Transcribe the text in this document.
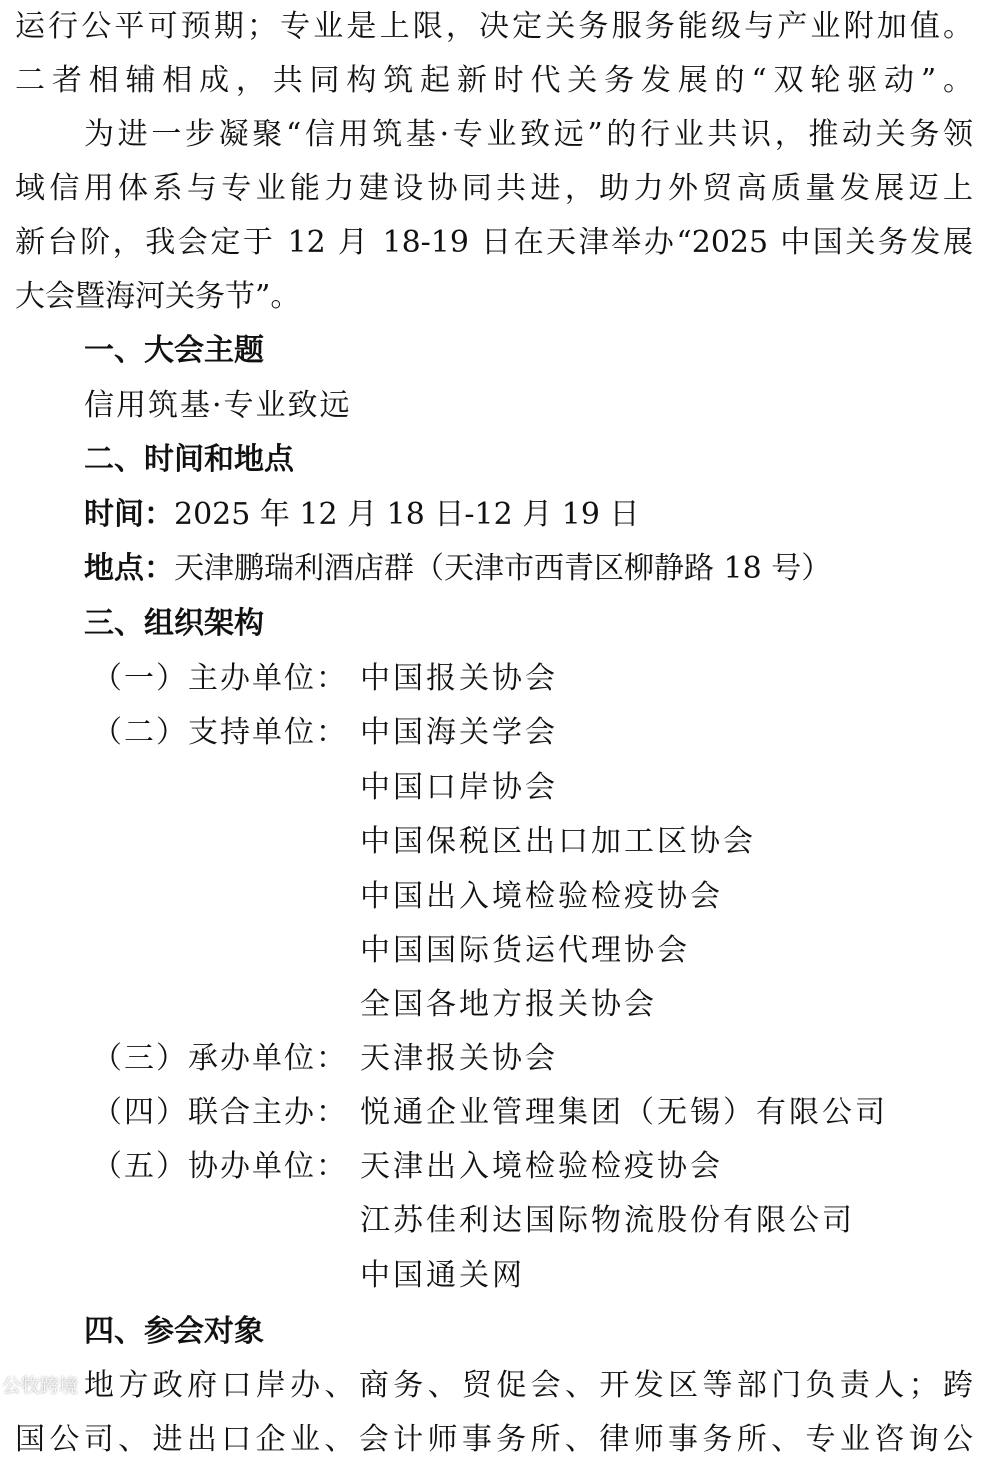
运行公平可预期；专业是上限，决定关务服务能级与产业附加值。
二者相辅相成，共同构筑起新时代关务发展的“双轮驱动”。
为进一步凝聚“信用筑基·专业致远”的行业共识，推动关务领
域信用体系与专业能力建设协同共进，助力外贸高质量发展迈上
新台阶，我会定于 12 月 18-19 日在天津举办“2025 中国关务发展
大会暨海河关务节”。
一、大会主题
信用筑基·专业致远
二、时间和地点
时间：2025 年 12 月 18 日-12 月 19 日
地点：天津鹏瑞利酒店群（天津市西青区柳静路 18 号）
三、组织架构
（一）主办单位： 中国报关协会
（二）支持单位： 中国海关学会
中国口岸协会
中国保税区出口加工区协会
中国出入境检验检疫协会
中国国际货运代理协会
全国各地方报关协会
（三）承办单位： 天津报关协会
（四）联合主办： 悦通企业管理集团（无锡）有限公司
（五）协办单位： 天津出入境检验检疫协会
江苏佳利达国际物流股份有限公司
中国通关网
四、参会对象
地方政府口岸办、商务、贸促会、开发区等部门负责人；跨
国公司、进出口企业、会计师事务所、律师事务所、专业咨询公
公牧跨境
